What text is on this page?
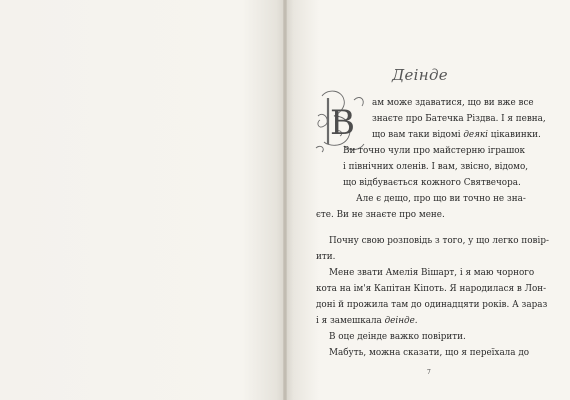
Деінде
В ам може здаватися, що ви вже все
знаєте про Батечка Різдва. І я певна,
що вам таки відомі деякі цікавинки.
Ви точно чули про майстерню іграшок
і північних оленів. І вам, звісно, відомо,
що відбувається кожного Святвечора.
Але є дещо, про що ви точно не зна-
єте. Ви не знаєте про мене.
Почну свою розповідь з того, у що легко повір-
ити.
Мене звати Амелія Вішарт, і я маю чорного
кота на ім'я Капітан Кіпоть. Я народилася в Лон-
доні й прожила там до одинадцяти років. А зараз
і я замешкала деінде.
В оце деінде важко повірити.
Мабуть, можна сказати, що я переїхала до
7
